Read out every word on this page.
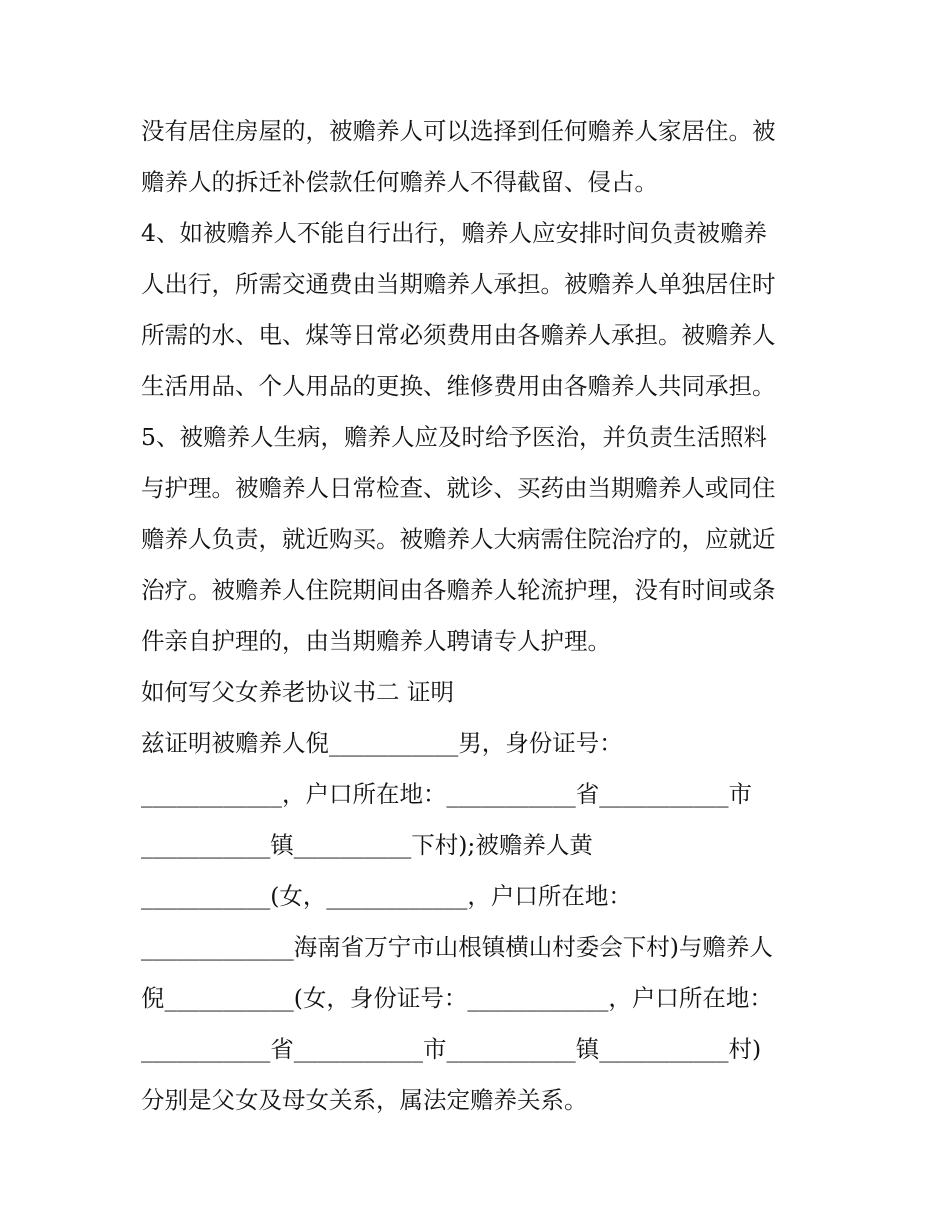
没有居住房屋的，被赡养人可以选择到任何赡养人家居住。被
赡养人的拆迁补偿款任何赡养人不得截留、侵占。
4、如被赡养人不能自行出行，赡养人应安排时间负责被赡养
人出行，所需交通费由当期赡养人承担。被赡养人单独居住时
所需的水、电、煤等日常必须费用由各赡养人承担。被赡养人
生活用品、个人用品的更换、维修费用由各赡养人共同承担。
5、被赡养人生病，赡养人应及时给予医治，并负责生活照料
与护理。被赡养人日常检查、就诊、买药由当期赡养人或同住
赡养人负责，就近购买。被赡养人大病需住院治疗的，应就近
治疗。被赡养人住院期间由各赡养人轮流护理，没有时间或条
件亲自护理的，由当期赡养人聘请专人护理。
如何写父女养老协议书二 证明
兹证明被赡养人倪___________男，身份证号：
____________，户口所在地：___________省___________市
___________镇__________下村);被赡养人黄
___________(女，____________，户口所在地：
_____________海南省万宁市山根镇横山村委会下村)与赡养人
倪___________(女，身份证号：____________，户口所在地：
___________省___________市___________镇___________村)
分别是父女及母女关系，属法定赡养关系。
